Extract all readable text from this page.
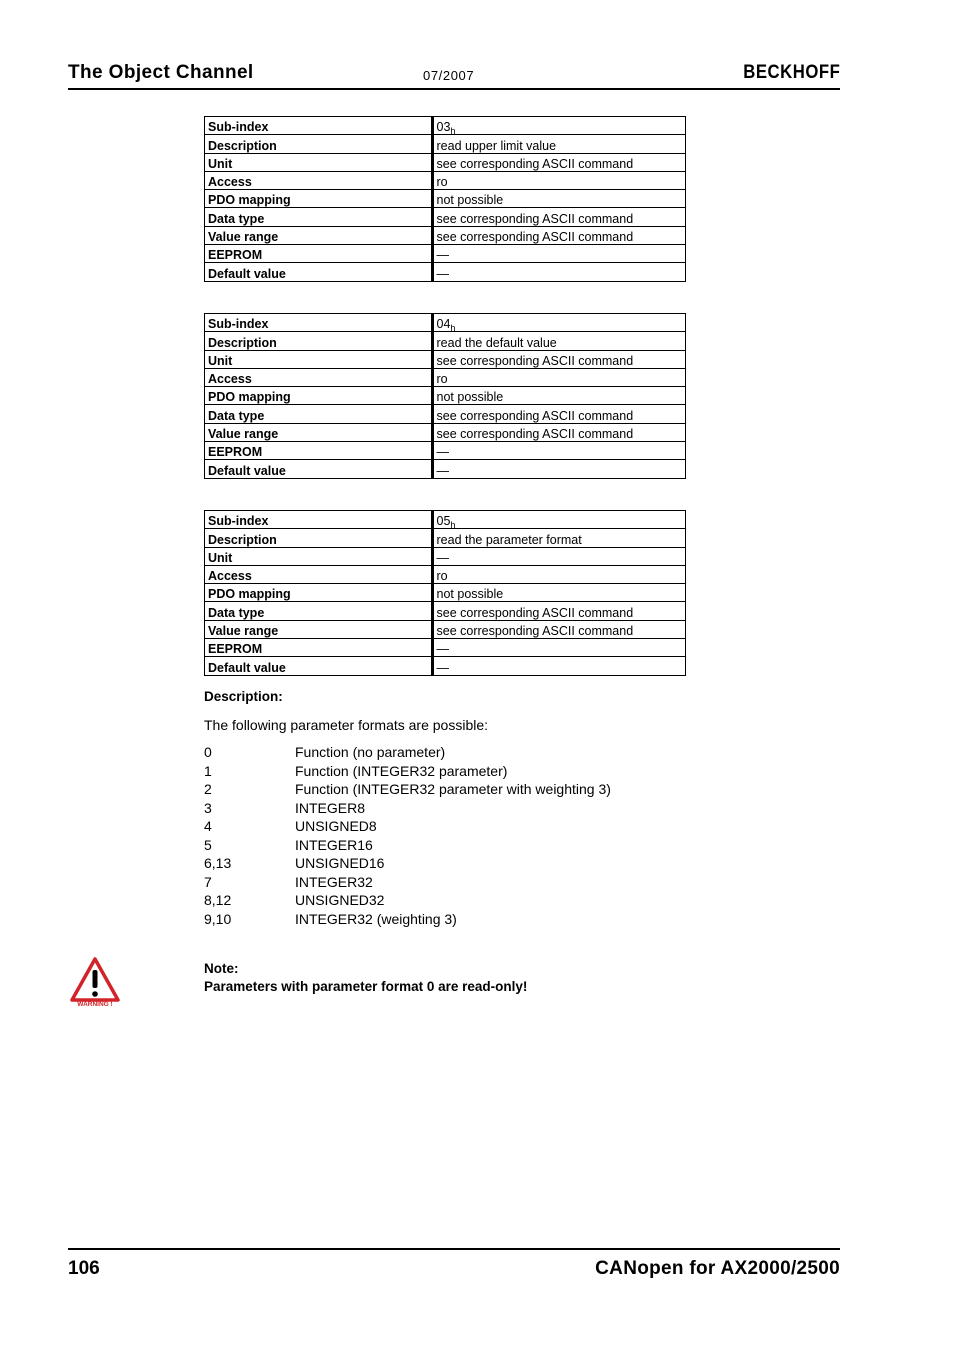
The Object Channel	07/2007	BECKHOFF
Sub-index	$03_h$
Description	read upper limit value
Unit	see corresponding ASCII command
Access	ro
PDO mapping	not possible
Data type	see corresponding ASCII command
Value range	see corresponding ASCII command
EEPROM	—
Default value	—
Sub-index	$04_h$
Description	read the default value
Unit	see corresponding ASCII command
Access	ro
PDO mapping	not possible
Data type	see corresponding ASCII command
Value range	see corresponding ASCII command
EEPROM	—
Default value	—
Sub-index	$05_h$
Description	read the parameter format
Unit	—
Access	ro
PDO mapping	not possible
Data type	see corresponding ASCII command
Value range	see corresponding ASCII command
EEPROM	—
Default value	—
Description:
The following parameter formats are possible:
0	Function (no parameter)
1	Function (INTEGER32 parameter)
2	Function (INTEGER32 parameter with weighting 3)
3	INTEGER8
4	UNSIGNED8
5	INTEGER16
6,13	UNSIGNED16
7	INTEGER32
8,12	UNSIGNED32
9,10	INTEGER32 (weighting 3)
WARNING !
Note:
Parameters with parameter format 0 are read-only!
106	CANopen for AX2000/2500
